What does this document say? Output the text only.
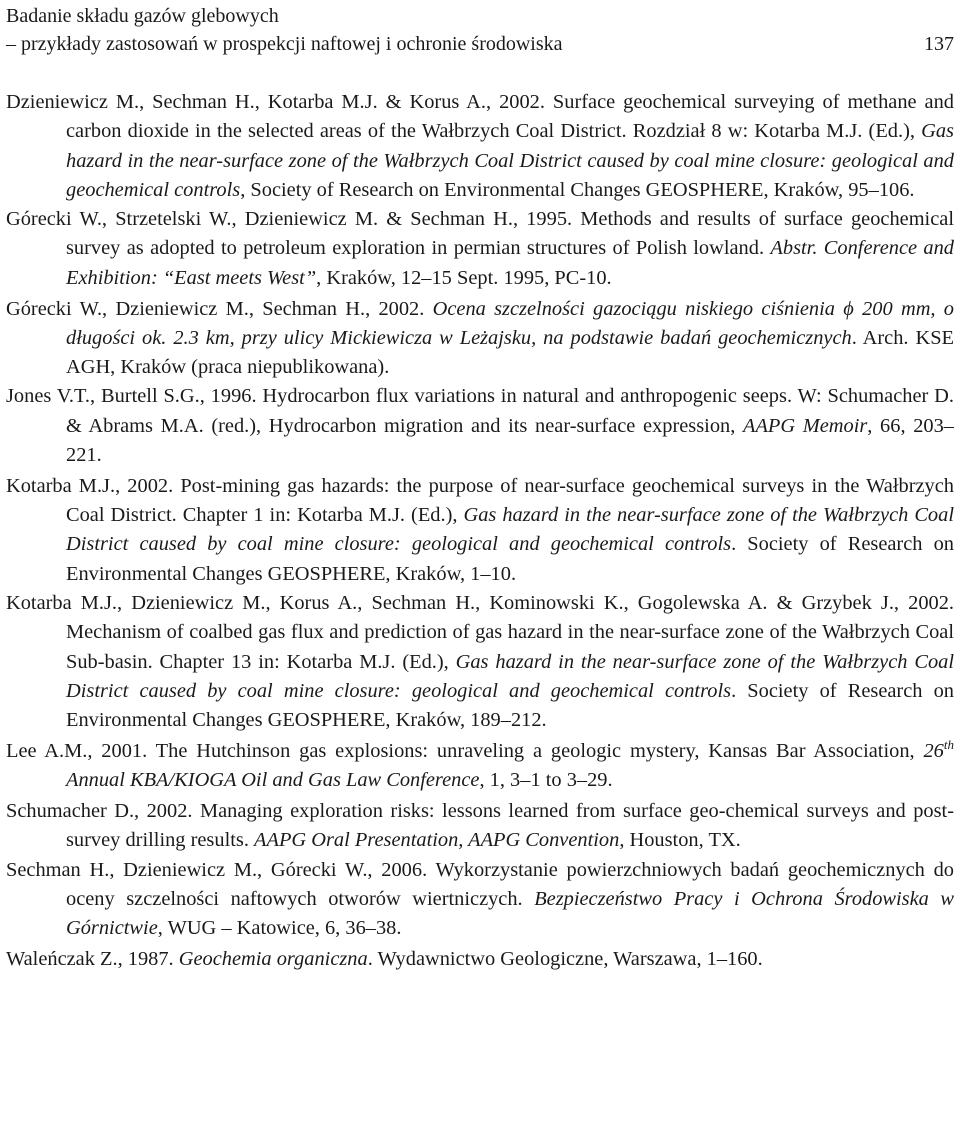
Badanie składu gazów glebowych
– przykłady zastosowań w prospekcji naftowej i ochronie środowiska	137
Dzieniewicz M., Sechman H., Kotarba M.J. & Korus A., 2002. Surface geochemical surveying of methane and carbon dioxide in the selected areas of the Wałbrzych Coal District. Rozdział 8 w: Kotarba M.J. (Ed.), Gas hazard in the near-surface zone of the Wałbrzych Coal District caused by coal mine closure: geological and geochemical controls, Society of Research on Environmental Changes GEOSPHERE, Kraków, 95–106.
Górecki W., Strzetelski W., Dzieniewicz M. & Sechman H., 1995. Methods and results of surface geochemical survey as adopted to petroleum exploration in permian structures of Polish lowland. Abstr. Conference and Exhibition: “East meets West”, Kraków, 12–15 Sept. 1995, PC-10.
Górecki W., Dzieniewicz M., Sechman H., 2002. Ocena szczelności gazociągu niskiego ciśnienia ϕ 200 mm, o długości ok. 2.3 km, przy ulicy Mickiewicza w Leżajsku, na podstawie badań geochemicznych. Arch. KSE AGH, Kraków (praca niepublikowana).
Jones V.T., Burtell S.G., 1996. Hydrocarbon flux variations in natural and anthropogenic seeps. W: Schumacher D. & Abrams M.A. (red.), Hydrocarbon migration and its near-surface expression, AAPG Memoir, 66, 203–221.
Kotarba M.J., 2002. Post-mining gas hazards: the purpose of near-surface geochemical surveys in the Wałbrzych Coal District. Chapter 1 in: Kotarba M.J. (Ed.), Gas hazard in the near-surface zone of the Wałbrzych Coal District caused by coal mine closure: geological and geochemical controls. Society of Research on Environmental Changes GEOSPHERE, Kraków, 1–10.
Kotarba M.J., Dzieniewicz M., Korus A., Sechman H., Kominowski K., Gogolewska A. & Grzybek J., 2002. Mechanism of coalbed gas flux and prediction of gas hazard in the near-surface zone of the Wałbrzych Coal Sub-basin. Chapter 13 in: Kotarba M.J. (Ed.), Gas hazard in the near-surface zone of the Wałbrzych Coal District caused by coal mine closure: geological and geochemical controls. Society of Research on Environmental Changes GEOSPHERE, Kraków, 189–212.
Lee A.M., 2001. The Hutchinson gas explosions: unraveling a geologic mystery, Kansas Bar Association, 26th Annual KBA/KIOGA Oil and Gas Law Conference, 1, 3–1 to 3–29.
Schumacher D., 2002. Managing exploration risks: lessons learned from surface geo-chemical surveys and post-survey drilling results. AAPG Oral Presentation, AAPG Convention, Houston, TX.
Sechman H., Dzieniewicz M., Górecki W., 2006. Wykorzystanie powierzchniowych badań geochemicznych do oceny szczelności naftowych otworów wiertniczych. Bezpieczeństwo Pracy i Ochrona Środowiska w Górnictwie, WUG – Katowice, 6, 36–38.
Waleńczak Z., 1987. Geochemia organiczna. Wydawnictwo Geologiczne, Warszawa, 1–160.
